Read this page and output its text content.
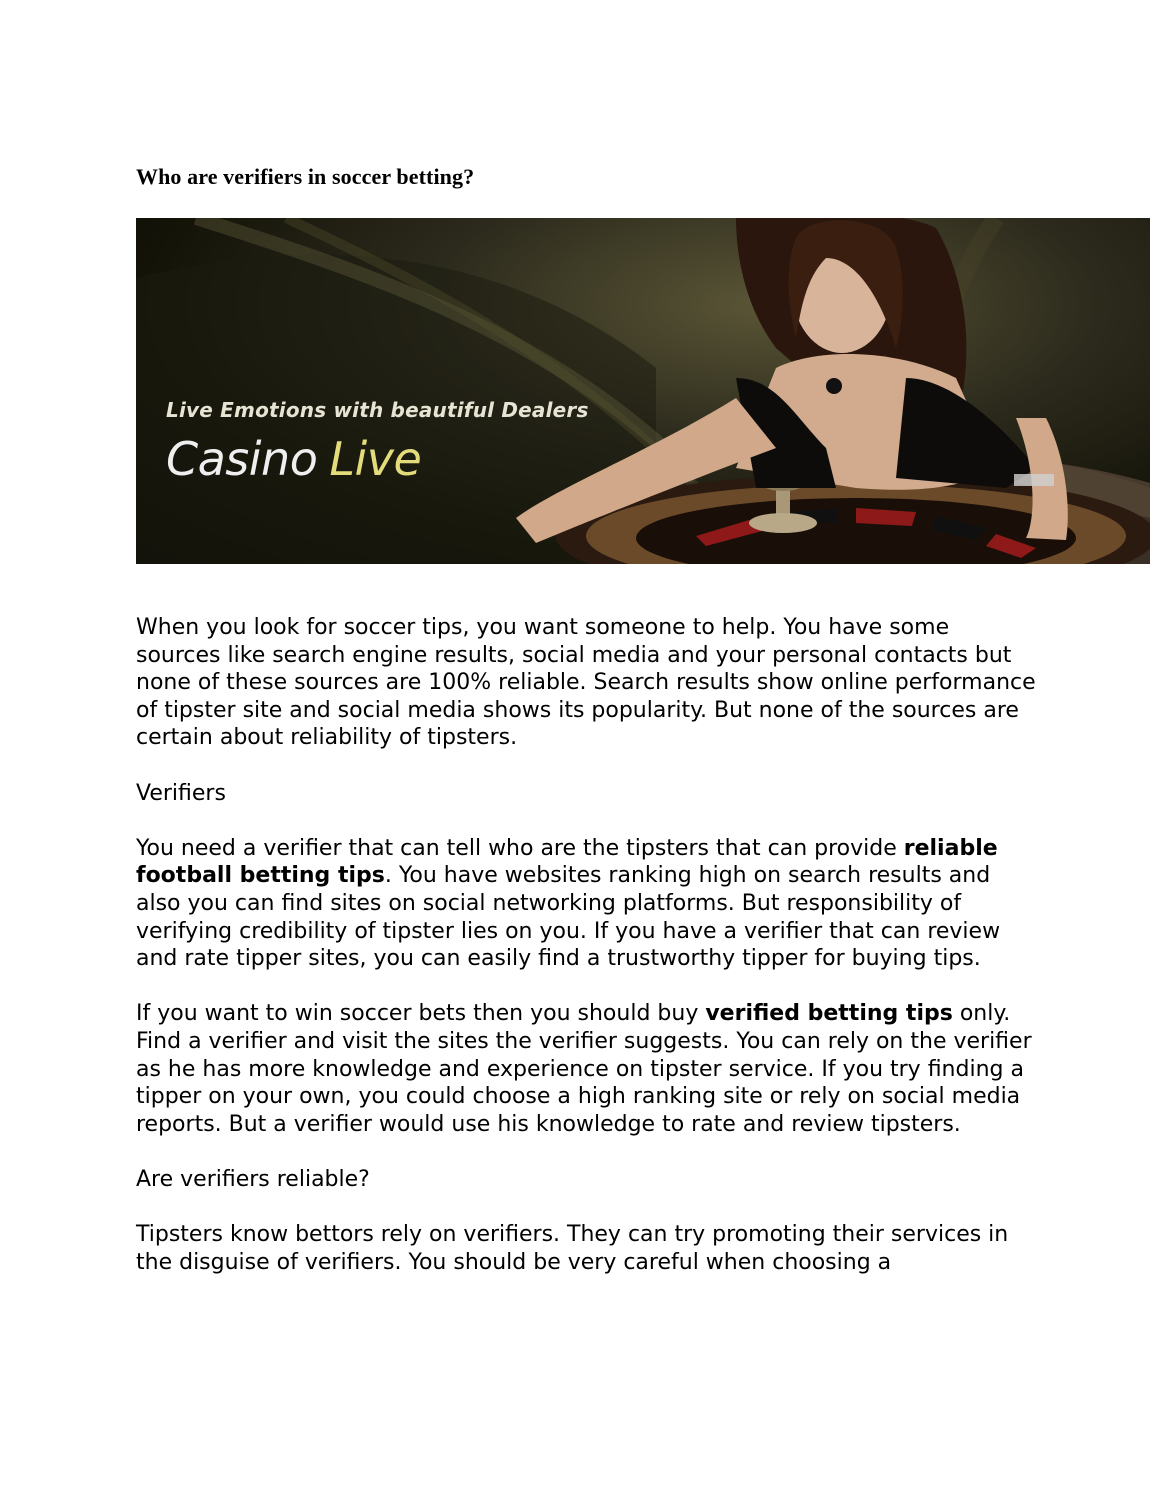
Who are verifiers in soccer betting?
Live Emotions with beautiful Dealers
Casino Live

When you look for soccer tips, you want someone to help. You have some sources like search engine results, social media and your personal contacts but none of these sources are 100% reliable. Search results show online performance of tipster site and social media shows its popularity. But none of the sources are certain about reliability of tipsters.

Verifiers

You need a verifier that can tell who are the tipsters that can provide reliable football betting tips. You have websites ranking high on search results and also you can find sites on social networking platforms. But responsibility of verifying credibility of tipster lies on you. If you have a verifier that can review and rate tipper sites, you can easily find a trustworthy tipper for buying tips.

If you want to win soccer bets then you should buy verified betting tips only. Find a verifier and visit the sites the verifier suggests. You can rely on the verifier as he has more knowledge and experience on tipster service. If you try finding a tipper on your own, you could choose a high ranking site or rely on social media reports. But a verifier would use his knowledge to rate and review tipsters.

Are verifiers reliable?

Tipsters know bettors rely on verifiers. They can try promoting their services in the disguise of verifiers. You should be very careful when choosing a
